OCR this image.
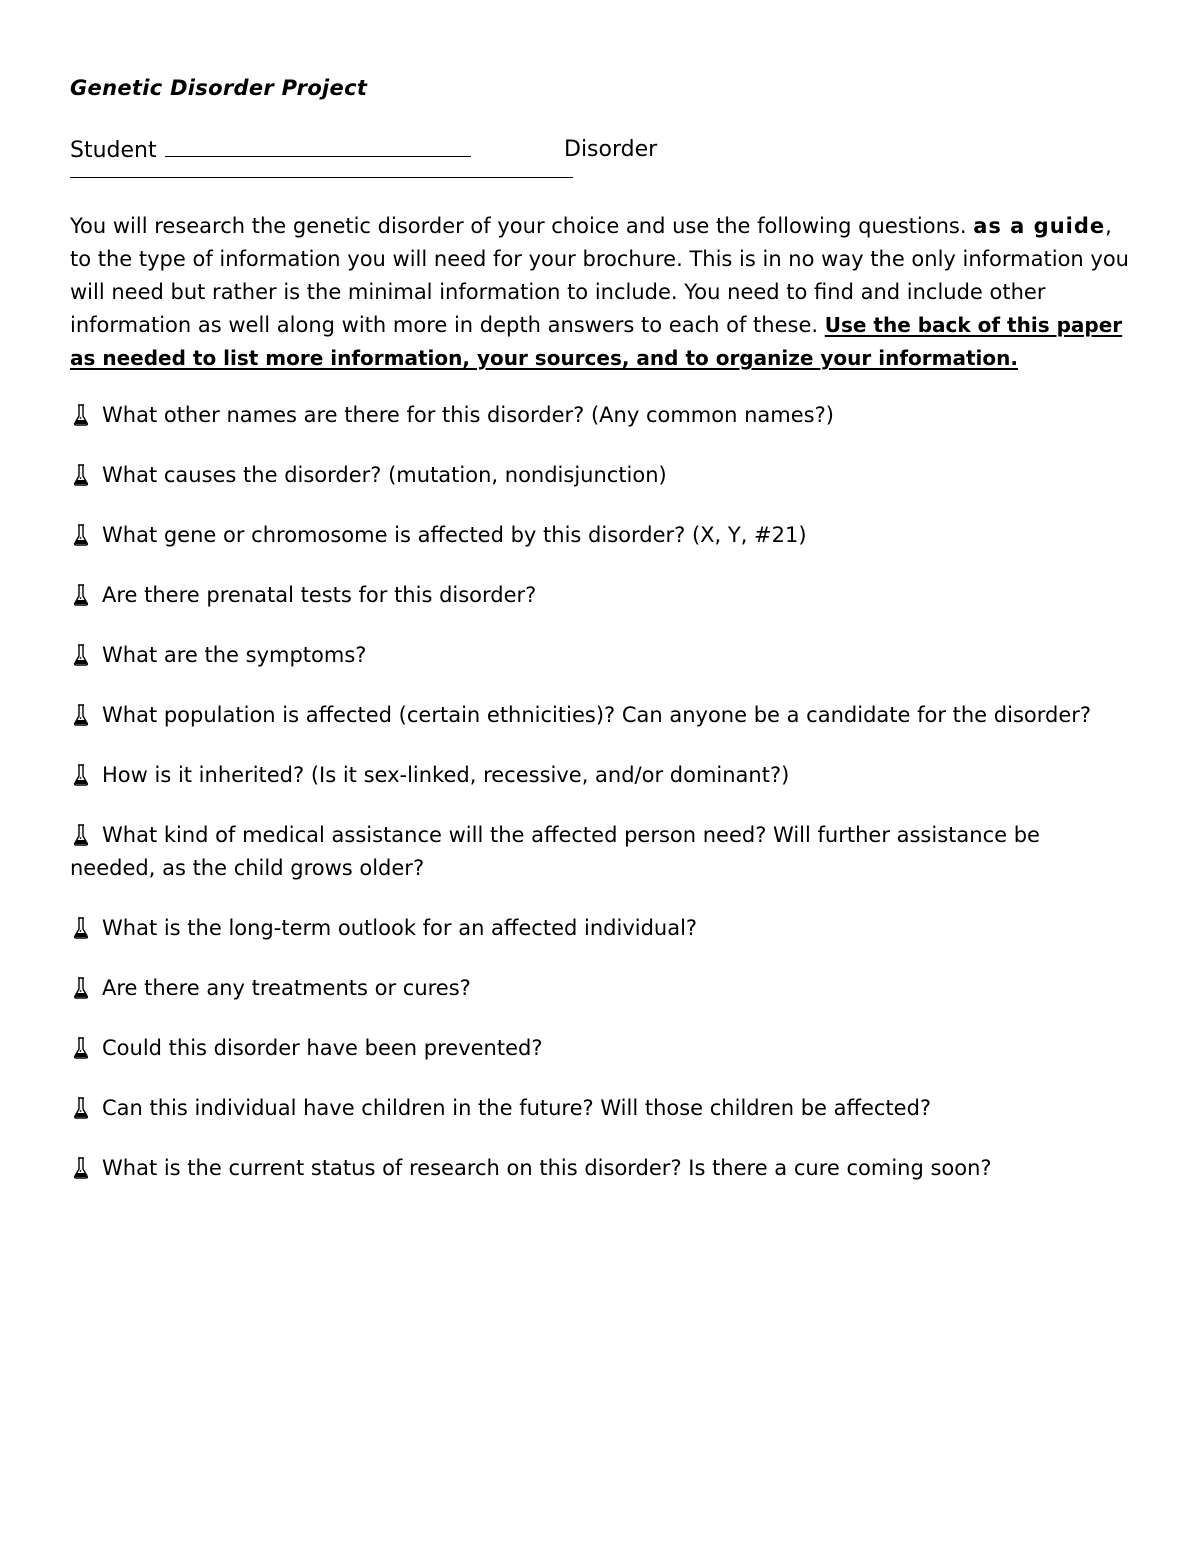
Genetic Disorder Project
Student	Disorder

You will research the genetic disorder of your choice and use the following questions. as a guide, to the type of information you will need for your brochure. This is in no way the only information you will need but rather is the minimal information to include. You need to find and include other information as well along with more in depth answers to each of these. Use the back of this paper as needed to list more information, your sources, and to organize your information.

What other names are there for this disorder? (Any common names?)
What causes the disorder? (mutation, nondisjunction)
What gene or chromosome is affected by this disorder? (X, Y, #21)
Are there prenatal tests for this disorder?
What are the symptoms?
What population is affected (certain ethnicities)? Can anyone be a candidate for the disorder?
How is it inherited? (Is it sex-linked, recessive, and/or dominant?)
What kind of medical assistance will the affected person need? Will further assistance be needed, as the child grows older?
What is the long-term outlook for an affected individual?
Are there any treatments or cures?
Could this disorder have been prevented?
Can this individual have children in the future? Will those children be affected?
What is the current status of research on this disorder? Is there a cure coming soon?
